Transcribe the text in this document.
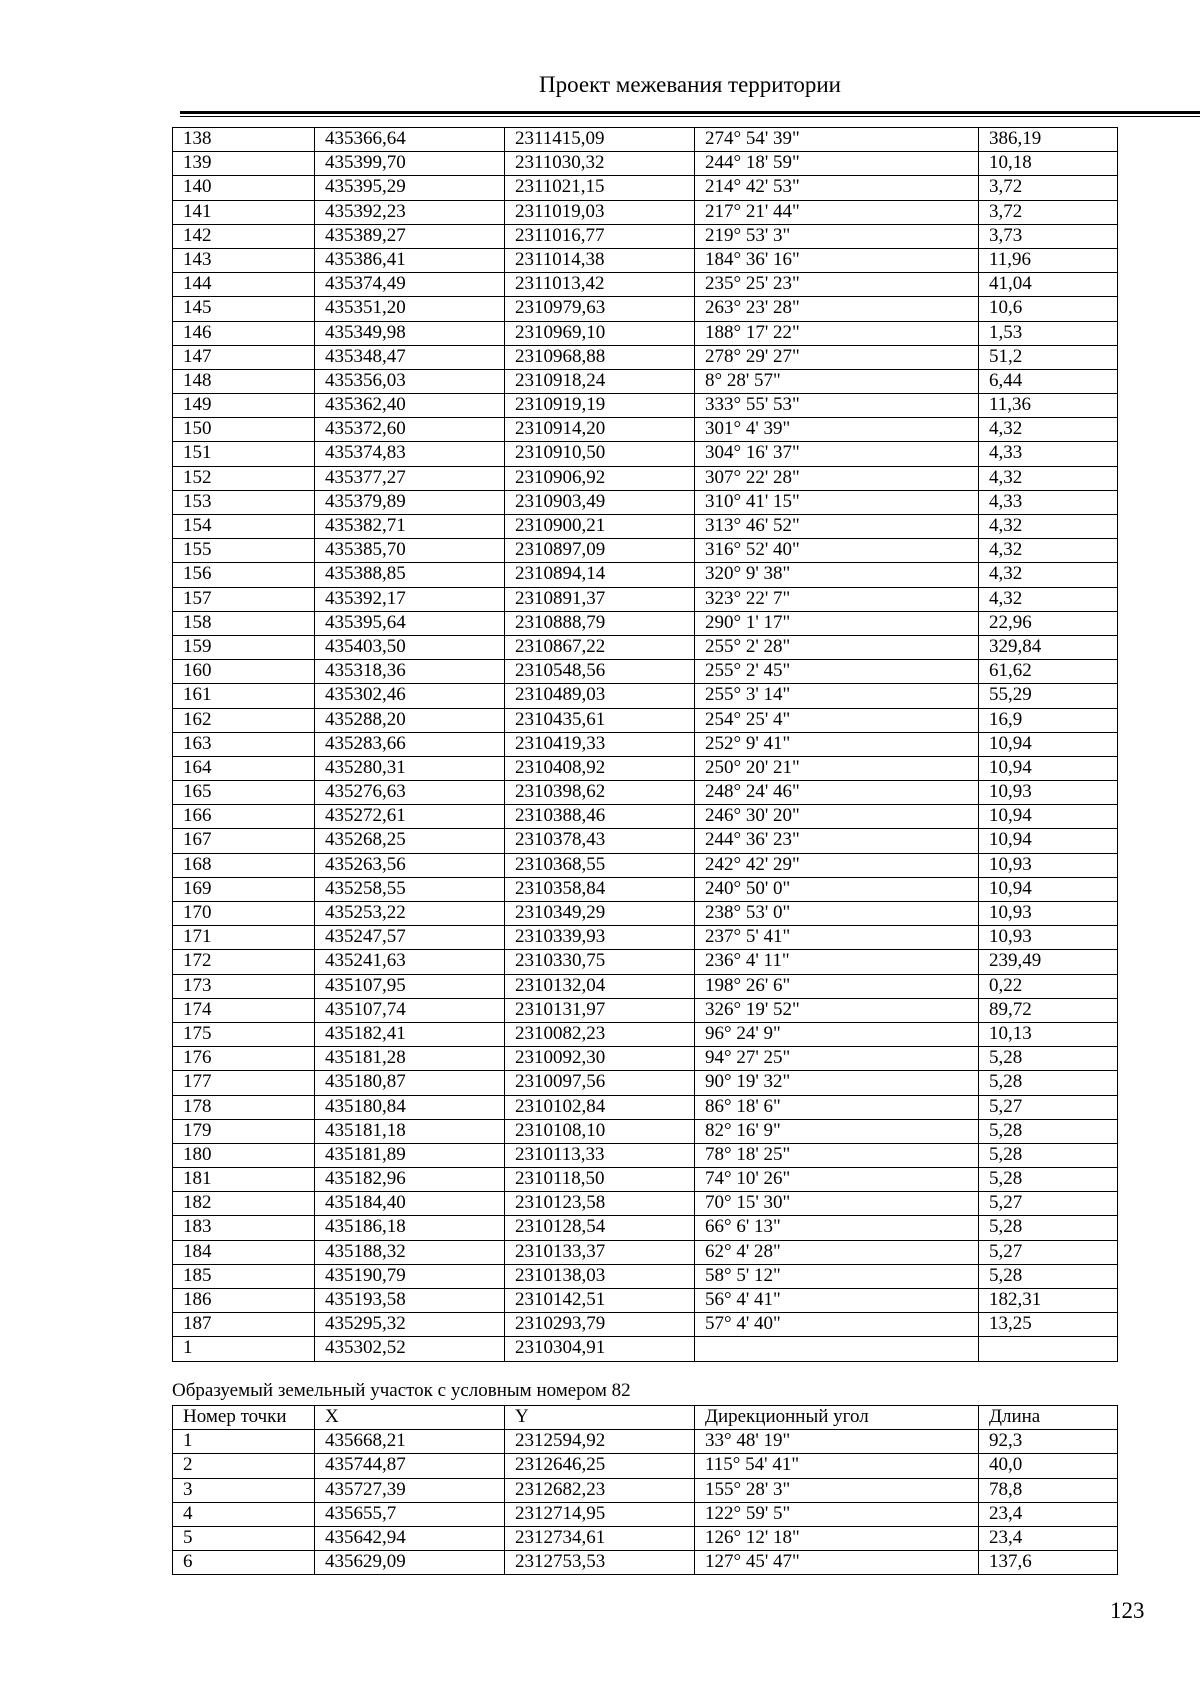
Проект межевания территории
138	435366,64	2311415,09	274° 54' 39"	386,19
139	435399,70	2311030,32	244° 18' 59"	10,18
140	435395,29	2311021,15	214° 42' 53"	3,72
141	435392,23	2311019,03	217° 21' 44"	3,72
142	435389,27	2311016,77	219° 53' 3"	3,73
143	435386,41	2311014,38	184° 36' 16"	11,96
144	435374,49	2311013,42	235° 25' 23"	41,04
145	435351,20	2310979,63	263° 23' 28"	10,6
146	435349,98	2310969,10	188° 17' 22"	1,53
147	435348,47	2310968,88	278° 29' 27"	51,2
148	435356,03	2310918,24	8° 28' 57"	6,44
149	435362,40	2310919,19	333° 55' 53"	11,36
150	435372,60	2310914,20	301° 4' 39"	4,32
151	435374,83	2310910,50	304° 16' 37"	4,33
152	435377,27	2310906,92	307° 22' 28"	4,32
153	435379,89	2310903,49	310° 41' 15"	4,33
154	435382,71	2310900,21	313° 46' 52"	4,32
155	435385,70	2310897,09	316° 52' 40"	4,32
156	435388,85	2310894,14	320° 9' 38"	4,32
157	435392,17	2310891,37	323° 22' 7"	4,32
158	435395,64	2310888,79	290° 1' 17"	22,96
159	435403,50	2310867,22	255° 2' 28"	329,84
160	435318,36	2310548,56	255° 2' 45"	61,62
161	435302,46	2310489,03	255° 3' 14"	55,29
162	435288,20	2310435,61	254° 25' 4"	16,9
163	435283,66	2310419,33	252° 9' 41"	10,94
164	435280,31	2310408,92	250° 20' 21"	10,94
165	435276,63	2310398,62	248° 24' 46"	10,93
166	435272,61	2310388,46	246° 30' 20"	10,94
167	435268,25	2310378,43	244° 36' 23"	10,94
168	435263,56	2310368,55	242° 42' 29"	10,93
169	435258,55	2310358,84	240° 50' 0"	10,94
170	435253,22	2310349,29	238° 53' 0"	10,93
171	435247,57	2310339,93	237° 5' 41"	10,93
172	435241,63	2310330,75	236° 4' 11"	239,49
173	435107,95	2310132,04	198° 26' 6"	0,22
174	435107,74	2310131,97	326° 19' 52"	89,72
175	435182,41	2310082,23	96° 24' 9"	10,13
176	435181,28	2310092,30	94° 27' 25"	5,28
177	435180,87	2310097,56	90° 19' 32"	5,28
178	435180,84	2310102,84	86° 18' 6"	5,27
179	435181,18	2310108,10	82° 16' 9"	5,28
180	435181,89	2310113,33	78° 18' 25"	5,28
181	435182,96	2310118,50	74° 10' 26"	5,28
182	435184,40	2310123,58	70° 15' 30"	5,27
183	435186,18	2310128,54	66° 6' 13"	5,28
184	435188,32	2310133,37	62° 4' 28"	5,27
185	435190,79	2310138,03	58° 5' 12"	5,28
186	435193,58	2310142,51	56° 4' 41"	182,31
187	435295,32	2310293,79	57° 4' 40"	13,25
1	435302,52	2310304,91		
Образуемый земельный участок с условным номером 82
Номер точки	X	Y	Дирекционный угол	Длина
1	435668,21	2312594,92	33° 48' 19"	92,3
2	435744,87	2312646,25	115° 54' 41"	40,0
3	435727,39	2312682,23	155° 28' 3"	78,8
4	435655,7	2312714,95	122° 59' 5"	23,4
5	435642,94	2312734,61	126° 12' 18"	23,4
6	435629,09	2312753,53	127° 45' 47"	137,6
123
